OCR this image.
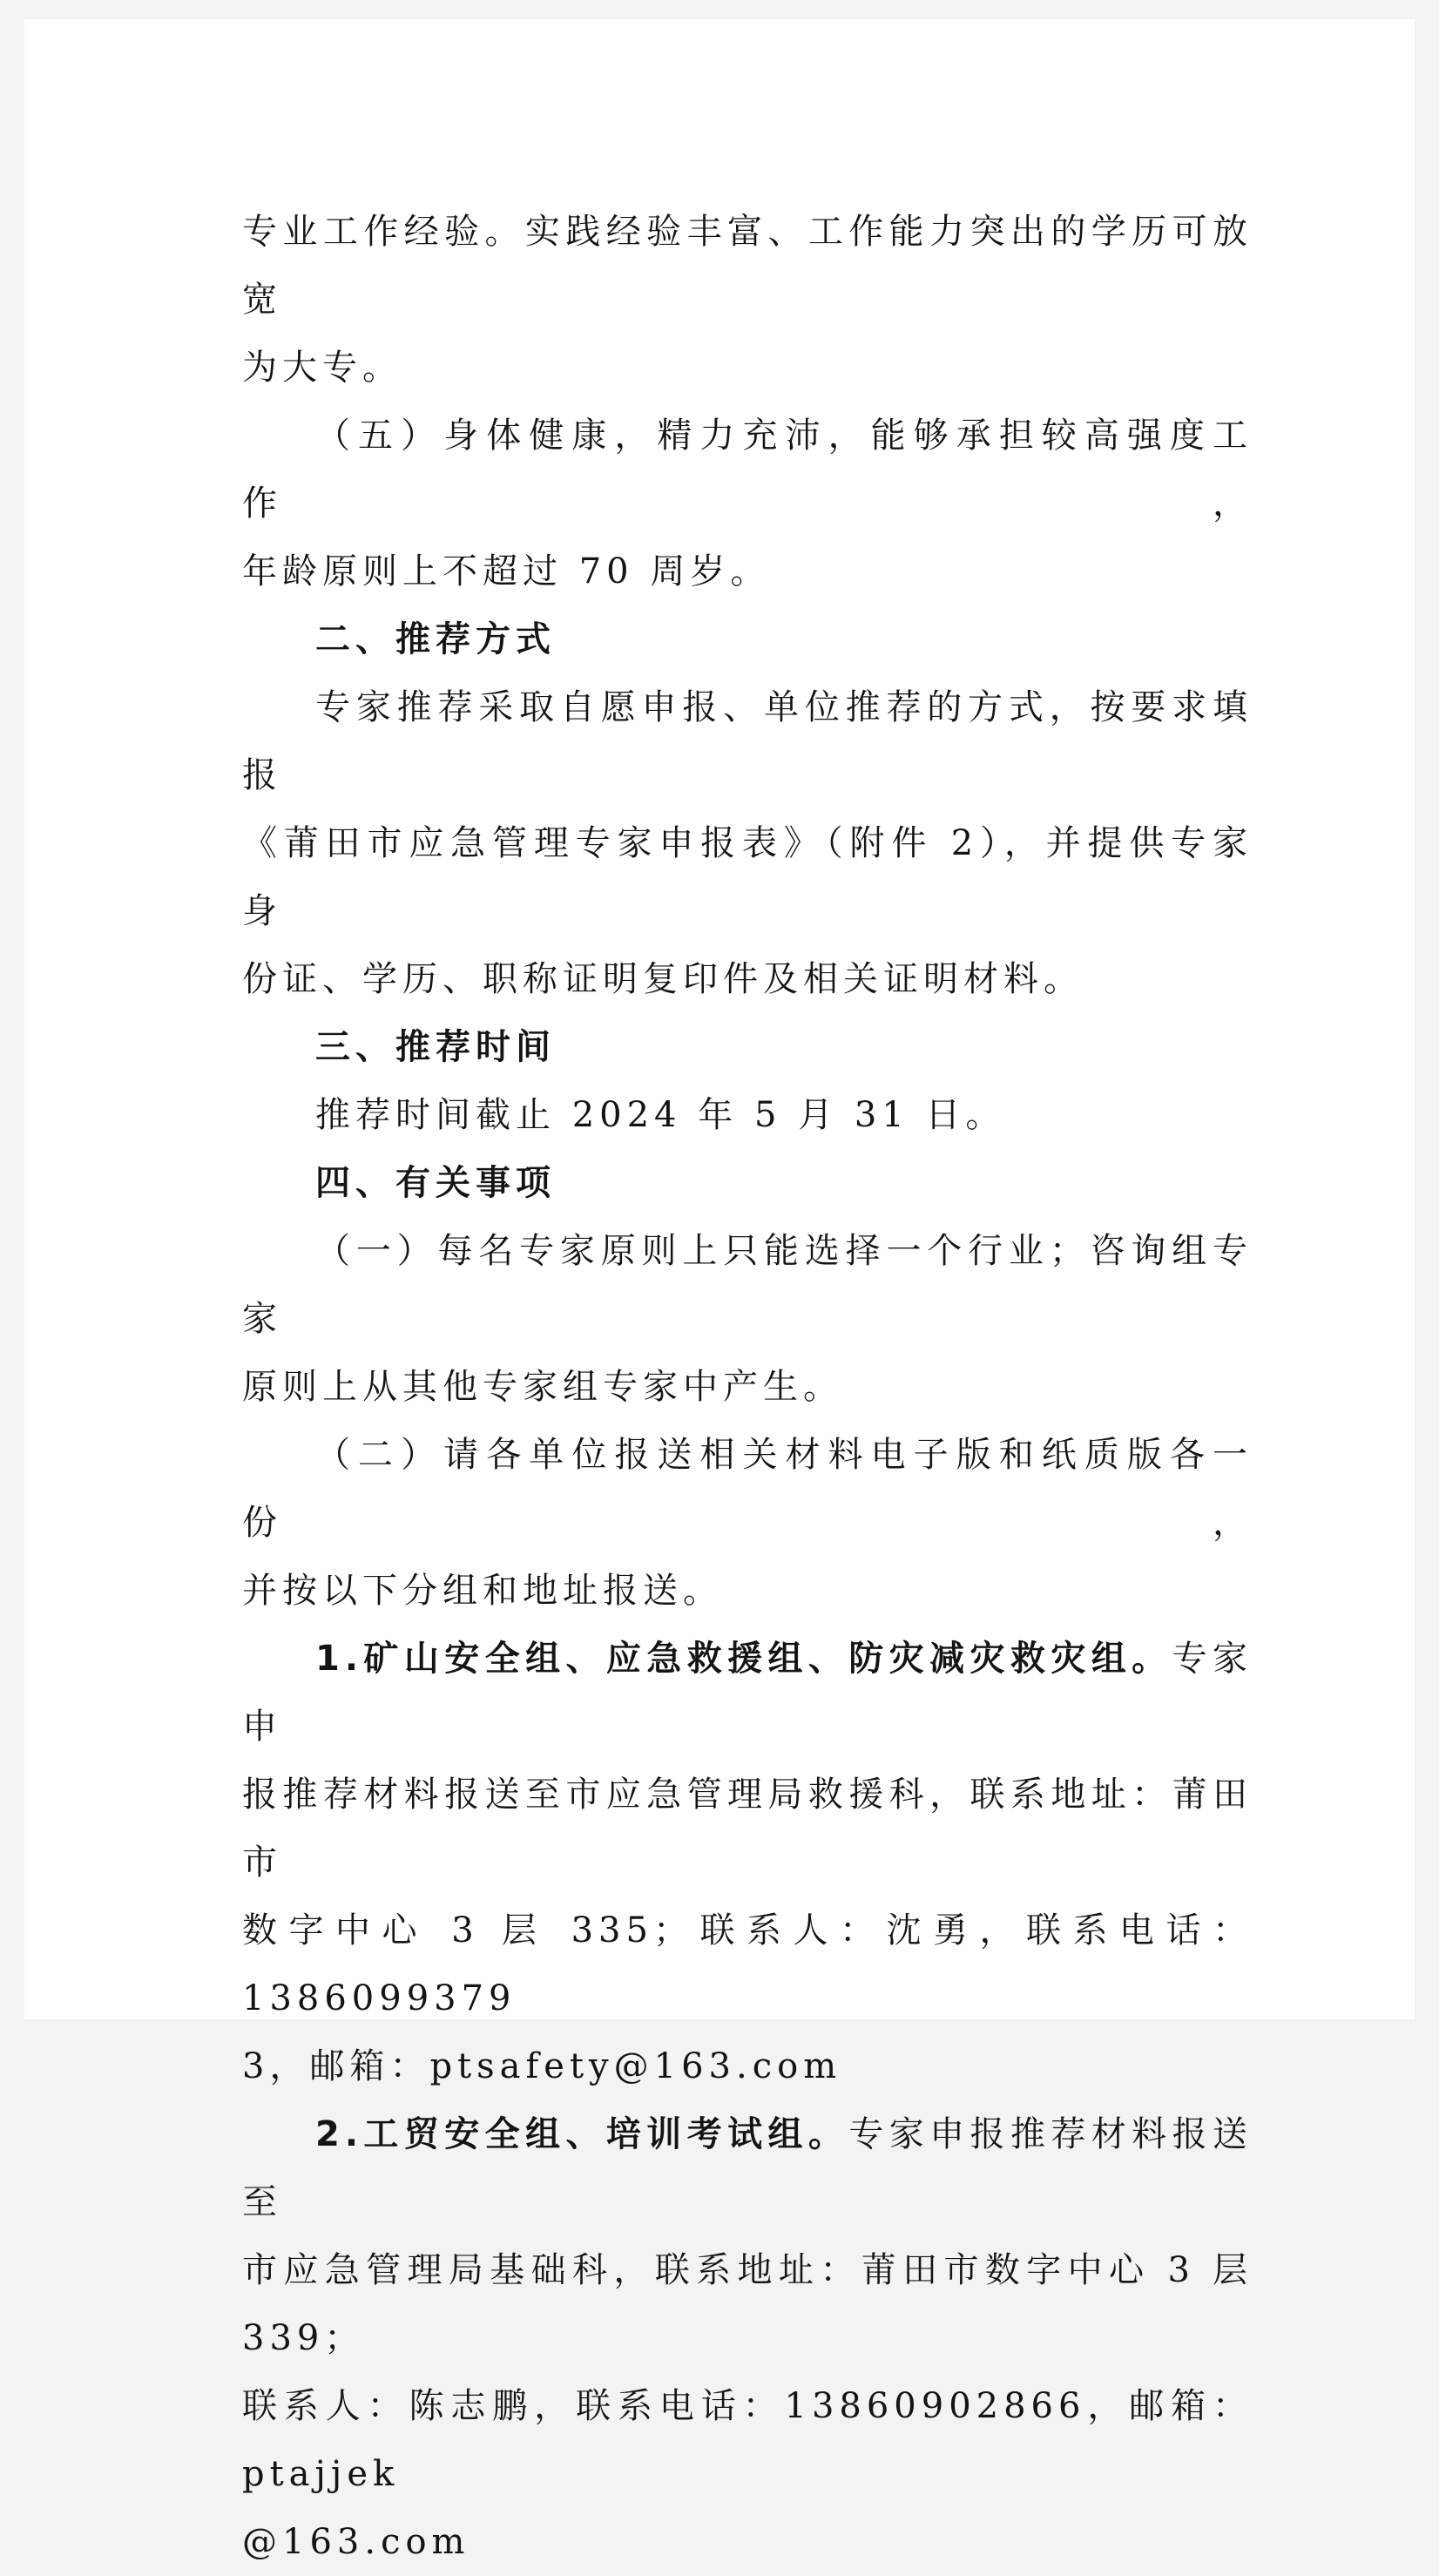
专业工作经验。实践经验丰富、工作能力突出的学历可放宽

为大专。

（五）身体健康，精力充沛，能够承担较高强度工作，

年龄原则上不超过 70 周岁。

二、推荐方式

专家推荐采取自愿申报、单位推荐的方式，按要求填报

《莆田市应急管理专家申报表》（附件 2），并提供专家身

份证、学历、职称证明复印件及相关证明材料。

三、推荐时间

推荐时间截止 2024 年 5 月 31 日。

四、有关事项

（一）每名专家原则上只能选择一个行业；咨询组专家

原则上从其他专家组专家中产生。

（二）请各单位报送相关材料电子版和纸质版各一份，

并按以下分组和地址报送。

1.矿山安全组、应急救援组、防灾减灾救灾组。专家申

报推荐材料报送至市应急管理局救援科，联系地址：莆田市

数字中心 3 层 335；联系人：沈勇，联系电话：1386099379

3，邮箱：ptsafety@163.com

2.工贸安全组、培训考试组。专家申报推荐材料报送至

市应急管理局基础科，联系地址：莆田市数字中心 3 层 339；

联系人：陈志鹏，联系电话：13860902866，邮箱：ptajjek

@163.com
